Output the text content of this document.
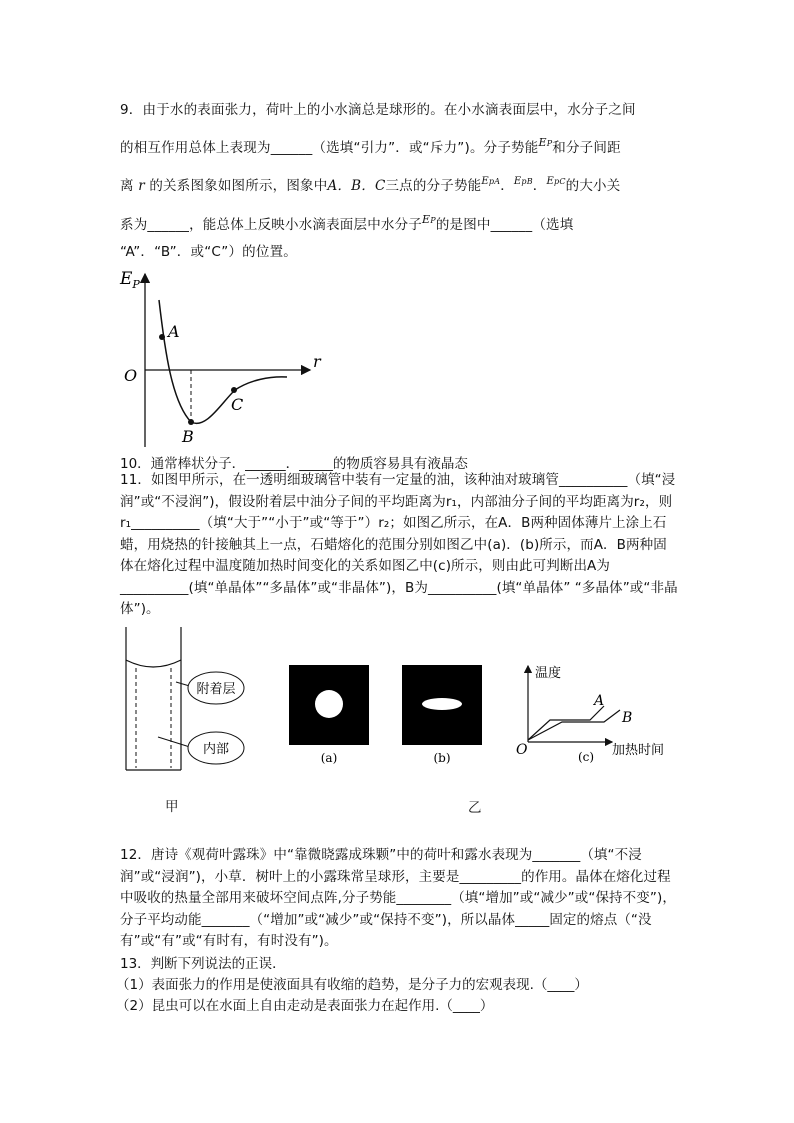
9．由于水的表面张力，荷叶上的小水滴总是球形的。在小水滴表面层中，水分子之间
的相互作用总体上表现为______（选填“引力”．或“斥力”)。分子势能$^{EP}$和分子间距
离 r 的关系图象如图所示，图象中A．B．C三点的分子势能$^{EpA}$．$^{EpB}$．$^{EpC}$的大小关
系为______，能总体上反映小水滴表面层中水分子$^{EP}$的是图中______（选填
“A”．“B”．或“C”）的位置。
$E_P$
r
O
A
B
C
10．通常棒状分子．______．_____的物质容易具有液晶态
11．如图甲所示，在一透明细玻璃管中装有一定量的油，该种油对玻璃管__________（填“浸润”或“不浸润”)，假设附着层中油分子间的平均距离为r₁，内部油分子间的平均距离为r₂，则r₁__________（填“大于”“小于”或“等于”）r₂；如图乙所示，在A．B两种固体薄片上涂上石蜡，用烧热的针接触其上一点，石蜡熔化的范围分别如图乙中(a)．(b)所示，而A．B两种固体在熔化过程中温度随加热时间变化的关系如图乙中(c)所示，则由此可判断出A为__________(填“单晶体”“多晶体”或“非晶体”)，B为__________(填“单晶体” “多晶体”或“非晶体”)。
附着层
内部
甲
(a)	(b)
温度
加热时间
O
A
B
(c)
乙
12．唐诗《观荷叶露珠》中“靠微晓露成珠颗”中的荷叶和露水表现为_______（填“不浸润”或“浸润”)，小草．树叶上的小露珠常呈球形，主要是_________的作用。晶体在熔化过程中吸收的热量全部用来破坏空间点阵,分子势能________（填“增加”或“减少”或“保持不变”)，分子平均动能_______（“增加”或“减少”或“保持不变”)，所以晶体_____固定的熔点（“没有”或“有”或“有时有，有时没有”)。
13．判断下列说法的正误．
（1）表面张力的作用是使液面具有收缩的趋势，是分子力的宏观表现.（____）
（2）昆虫可以在水面上自由走动是表面张力在起作用.（____）
